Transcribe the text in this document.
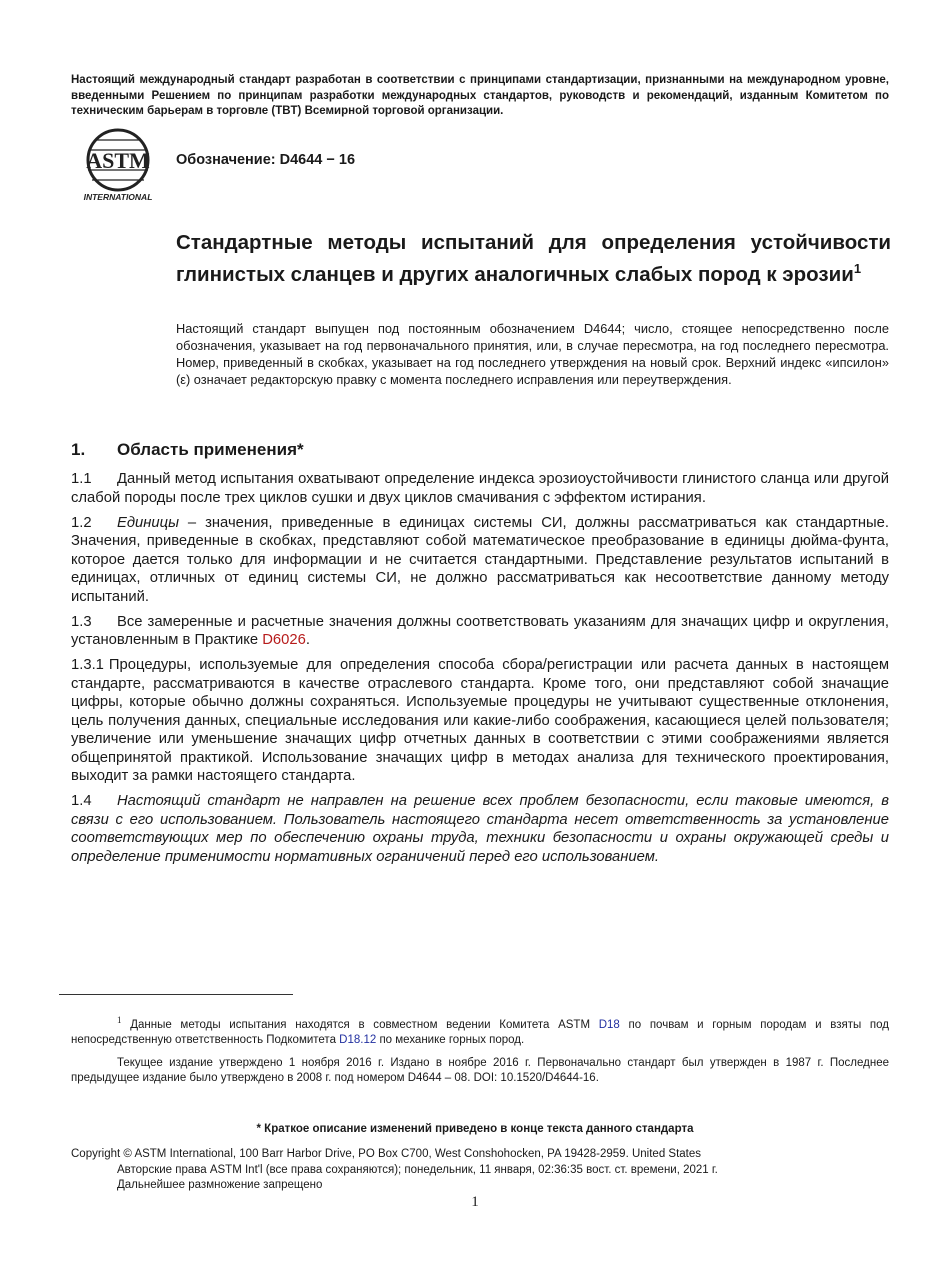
Настоящий международный стандарт разработан в соответствии с принципами стандартизации, признанными на международном уровне, введенными Решением по принципам разработки международных стандартов, руководств и рекомендаций, изданным Комитетом по техническим барьерам в торговле (TBT) Всемирной торговой организации.
ASTM
INTERNATIONAL
Обозначение: D4644 − 16
Стандартные методы испытаний для определения устойчивости глинистых сланцев и других аналогичных слабых пород к эрозии$^1$
Настоящий стандарт выпущен под постоянным обозначением D4644; число, стоящее непосредственно после обозначения, указывает на год первоначального принятия, или, в случае пересмотра, на год последнего пересмотра. Номер, приведенный в скобках, указывает на год последнего утверждения на новый срок. Верхний индекс «ипсилон» (ε) означает редакторскую правку с момента последнего исправления или переутверждения.
1. Область применения*

1.1 Данный метод испытания охватывают определение индекса эрозиоустойчивости глинистого сланца или другой слабой породы после трех циклов сушки и двух циклов смачивания с эффектом истирания.

1.2 Единицы – значения, приведенные в единицах системы СИ, должны рассматриваться как стандартные. Значения, приведенные в скобках, представляют собой математическое преобразование в единицы дюйма-фунта, которое дается только для информации и не считается стандартными. Представление результатов испытаний в единицах, отличных от единиц системы СИ, не должно рассматриваться как несоответствие данному методу испытаний.

1.3 Все замеренные и расчетные значения должны соответствовать указаниям для значащих цифр и округления, установленным в Практике D6026.

1.3.1 Процедуры, используемые для определения способа сбора/регистрации или расчета данных в настоящем стандарте, рассматриваются в качестве отраслевого стандарта. Кроме того, они представляют собой значащие цифры, которые обычно должны сохраняться. Используемые процедуры не учитывают существенные отклонения, цель получения данных, специальные исследования или какие-либо соображения, касающиеся целей пользователя; увеличение или уменьшение значащих цифр отчетных данных в соответствии с этими соображениями является общепринятой практикой. Использование значащих цифр в методах анализа для технического проектирования, выходит за рамки настоящего стандарта.

1.4 Настоящий стандарт не направлен на решение всех проблем безопасности, если таковые имеются, в связи с его использованием. Пользователь настоящего стандарта несет ответственность за установление соответствующих мер по обеспечению охраны труда, техники безопасности и охраны окружающей среды и определение применимости нормативных ограничений перед его использованием.

$^1$ Данные методы испытания находятся в совместном ведении Комитета ASTM D18 по почвам и горным породам и взяты под непосредственную ответственность Подкомитета D18.12 по механике горных пород.

Текущее издание утверждено 1 ноября 2016 г. Издано в ноябре 2016 г. Первоначально стандарт был утвержден в 1987 г. Последнее предыдущее издание было утверждено в 2008 г. под номером D4644 – 08. DOI: 10.1520/D4644-16.

* Краткое описание изменений приведено в конце текста данного стандарта
Copyright © ASTM International, 100 Barr Harbor Drive, PO Box C700, West Conshohocken, PA 19428-2959. United States
Авторские права ASTM Int'l (все права сохраняются); понедельник, 11 января, 02:36:35 вост. ст. времени, 2021 г.
Дальнейшее размножение запрещено
1
